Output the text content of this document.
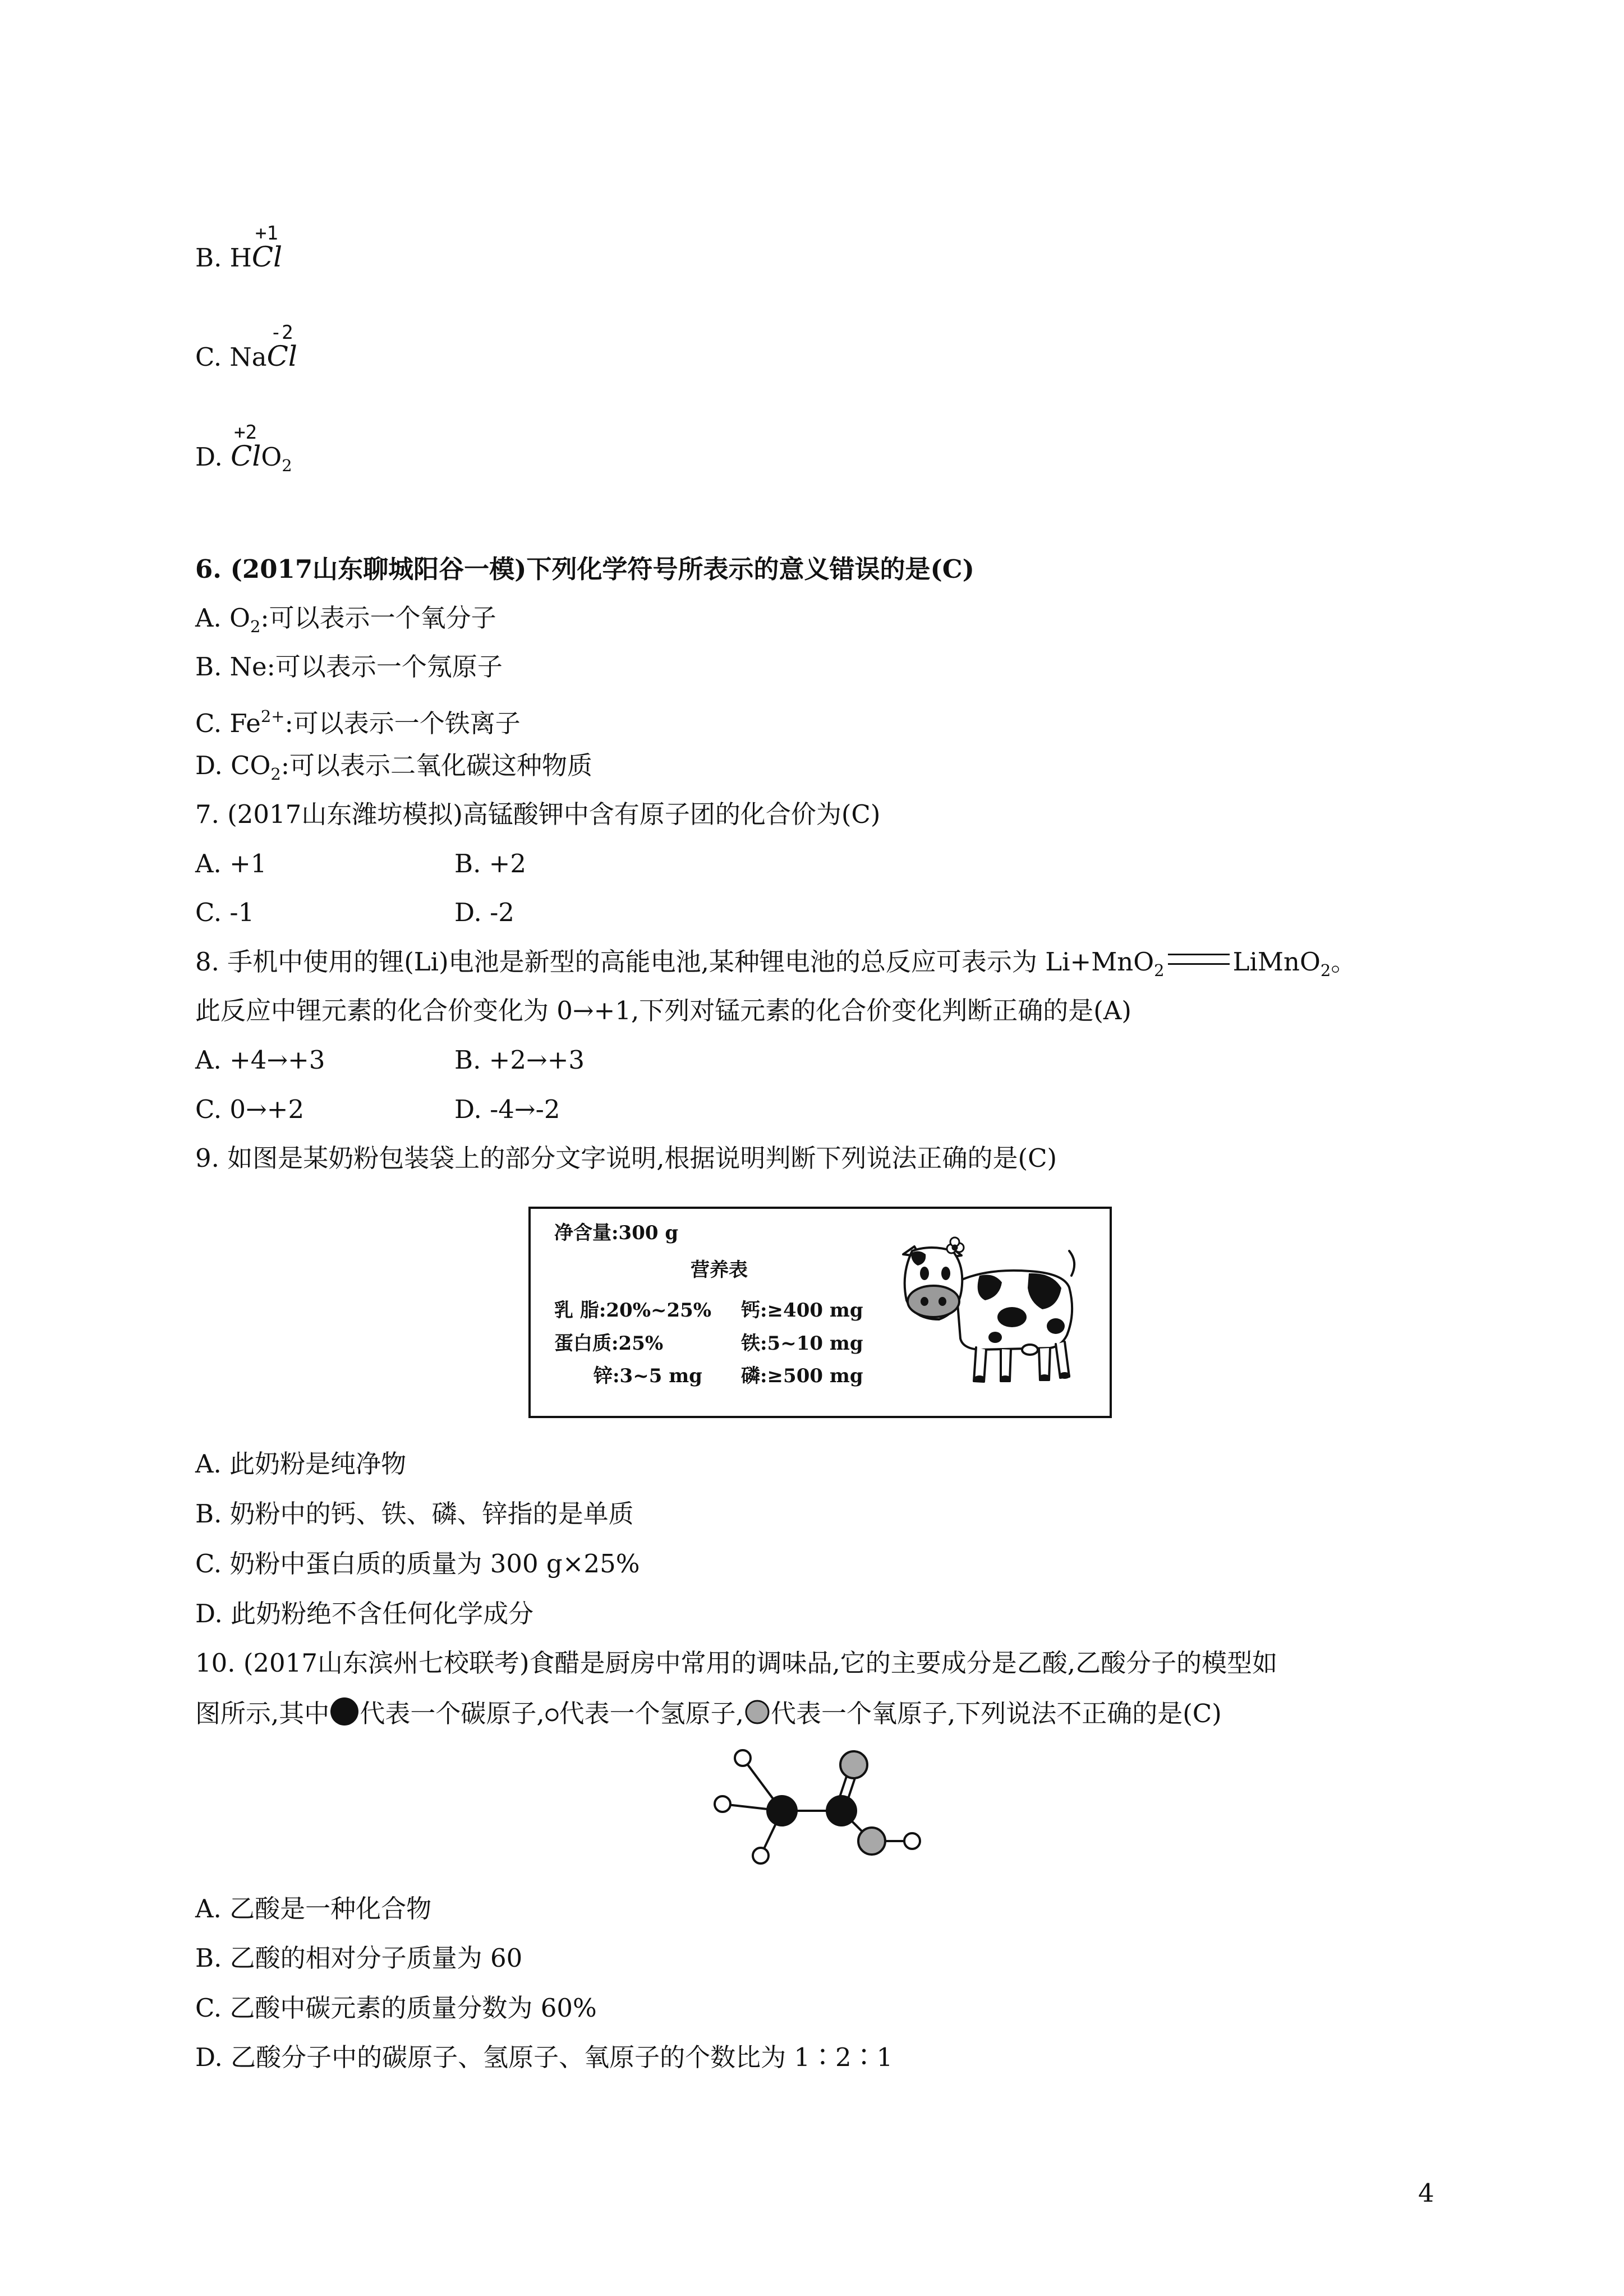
B. H
+1
Cl
C. Na
-2
Cl
D.
+2
ClO$_2$
6. (2017山东聊城阳谷一模)下列化学符号所表示的意义错误的是(C)
A. $O_2$:可以表示一个氧分子
B. Ne:可以表示一个氖原子
C. $Fe^{2+}$:可以表示一个铁离子
D. $CO_2$:可以表示二氧化碳这种物质
7. (2017山东潍坊模拟)高锰酸钾中含有原子团的化合价为(C)
A. +1	B. +2
C. -1	D. -2
8. 手机中使用的锂(Li)电池是新型的高能电池,某种锂电池的总反应可表示为 Li+MnO$_2$	LiMnO$_2$。
此反应中锂元素的化合价变化为 0→+1,下列对锰元素的化合价变化判断正确的是(A)
A. +4→+3	B. +2→+3
C. 0→+2	D. -4→-2
9. 如图是某奶粉包装袋上的部分文字说明,根据说明判断下列说法正确的是(C)
净含量:300 g
营养表
乳 脂:20%~25% 钙:≥400 mg
蛋白质:25%	铁:5~10 mg
锌:3~5 mg 磷:≥500 mg
A. 此奶粉是纯净物
B. 奶粉中的钙、铁、磷、锌指的是单质
C. 奶粉中蛋白质的质量为 300 g×25%
D. 此奶粉绝不含任何化学成分
10. (2017山东滨州七校联考)食醋是厨房中常用的调味品,它的主要成分是乙酸,乙酸分子的模型如
图所示,其中 代表一个碳原子, 代表一个氢原子, 代表一个氧原子,下列说法不正确的是(C)
A. 乙酸是一种化合物
B. 乙酸的相对分子质量为 60
C. 乙酸中碳元素的质量分数为 60%
D. 乙酸分子中的碳原子、氢原子、氧原子的个数比为 1∶2∶1
4
